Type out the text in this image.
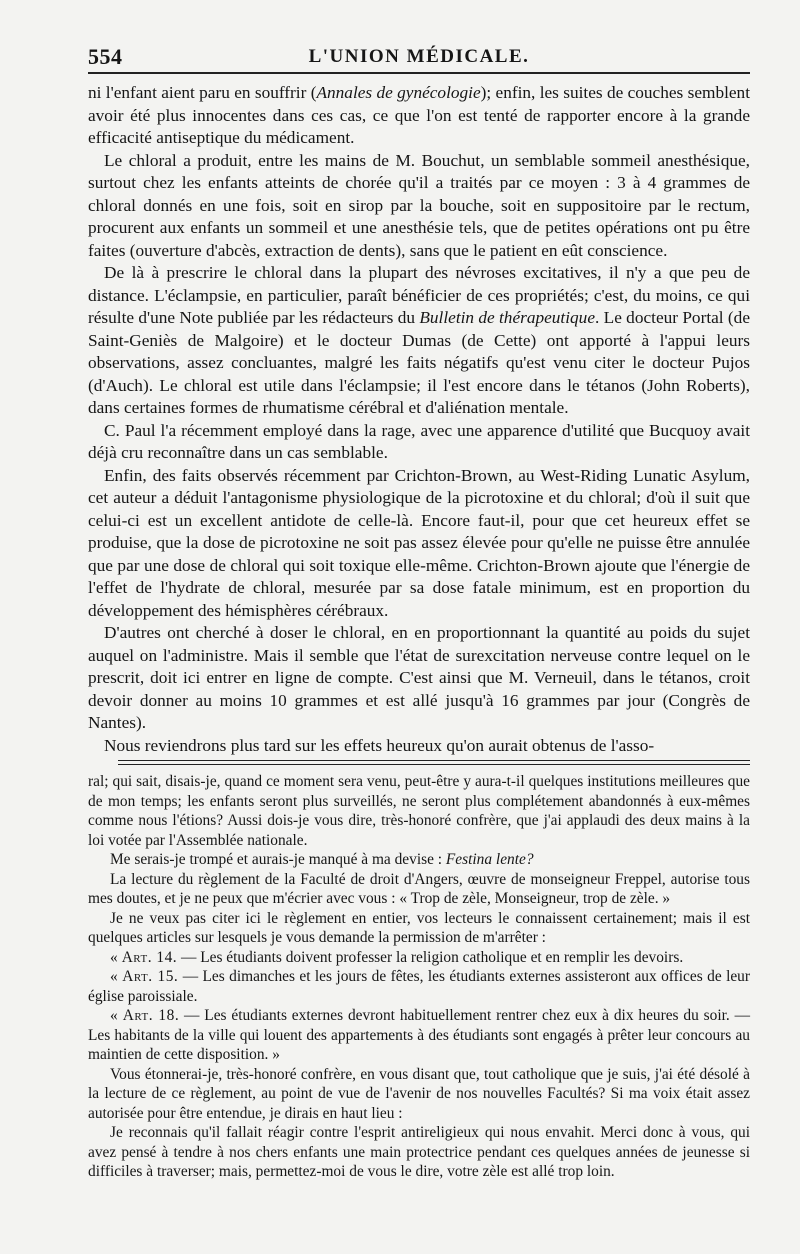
554	L'UNION MÉDICALE.

ni l'enfant aient paru en souffrir (Annales de gynécologie); enfin, les suites de couches semblent avoir été plus innocentes dans ces cas, ce que l'on est tenté de rapporter encore à la grande efficacité antiseptique du médicament.

Le chloral a produit, entre les mains de M. Bouchut, un semblable sommeil anesthésique, surtout chez les enfants atteints de chorée qu'il a traités par ce moyen : 3 à 4 grammes de chloral donnés en une fois, soit en sirop par la bouche, soit en suppositoire par le rectum, procurent aux enfants un sommeil et une anesthésie tels, que de petites opérations ont pu être faites (ouverture d'abcès, extraction de dents), sans que le patient en eût conscience.

De là à prescrire le chloral dans la plupart des névroses excitatives, il n'y a que peu de distance. L'éclampsie, en particulier, paraît bénéficier de ces propriétés; c'est, du moins, ce qui résulte d'une Note publiée par les rédacteurs du Bulletin de thérapeutique. Le docteur Portal (de Saint-Geniès de Malgoire) et le docteur Dumas (de Cette) ont apporté à l'appui leurs observations, assez concluantes, malgré les faits négatifs qu'est venu citer le docteur Pujos (d'Auch). Le chloral est utile dans l'éclampsie; il l'est encore dans le tétanos (John Roberts), dans certaines formes de rhumatisme cérébral et d'aliénation mentale.

C. Paul l'a récemment employé dans la rage, avec une apparence d'utilité que Bucquoy avait déjà cru reconnaître dans un cas semblable.

Enfin, des faits observés récemment par Crichton-Brown, au West-Riding Lunatic Asylum, cet auteur a déduit l'antagonisme physiologique de la picrotoxine et du chloral; d'où il suit que celui-ci est un excellent antidote de celle-là. Encore faut-il, pour que cet heureux effet se produise, que la dose de picrotoxine ne soit pas assez élevée pour qu'elle ne puisse être annulée que par une dose de chloral qui soit toxique elle-même. Crichton-Brown ajoute que l'énergie de l'effet de l'hydrate de chloral, mesurée par sa dose fatale minimum, est en proportion du développement des hémisphères cérébraux.

D'autres ont cherché à doser le chloral, en en proportionnant la quantité au poids du sujet auquel on l'administre. Mais il semble que l'état de surexcitation nerveuse contre lequel on le prescrit, doit ici entrer en ligne de compte. C'est ainsi que M. Verneuil, dans le tétanos, croit devoir donner au moins 10 grammes et est allé jusqu'à 16 grammes par jour (Congrès de Nantes).

Nous reviendrons plus tard sur les effets heureux qu'on aurait obtenus de l'asso-

ral; qui sait, disais-je, quand ce moment sera venu, peut-être y aura-t-il quelques institutions meilleures que de mon temps; les enfants seront plus surveillés, ne seront plus complétement abandonnés à eux-mêmes comme nous l'étions? Aussi dois-je vous dire, très-honoré confrère, que j'ai applaudi des deux mains à la loi votée par l'Assemblée nationale.

Me serais-je trompé et aurais-je manqué à ma devise : Festina lente?

La lecture du règlement de la Faculté de droit d'Angers, œuvre de monseigneur Freppel, autorise tous mes doutes, et je ne peux que m'écrier avec vous : « Trop de zèle, Monseigneur, trop de zèle. »

Je ne veux pas citer ici le règlement en entier, vos lecteurs le connaissent certainement; mais il est quelques articles sur lesquels je vous demande la permission de m'arrêter :

« Art. 14. — Les étudiants doivent professer la religion catholique et en remplir les devoirs.

« Art. 15. — Les dimanches et les jours de fêtes, les étudiants externes assisteront aux offices de leur église paroissiale.

« Art. 18. — Les étudiants externes devront habituellement rentrer chez eux à dix heures du soir. — Les habitants de la ville qui louent des appartements à des étudiants sont engagés à prêter leur concours au maintien de cette disposition. »

Vous étonnerai-je, très-honoré confrère, en vous disant que, tout catholique que je suis, j'ai été désolé à la lecture de ce règlement, au point de vue de l'avenir de nos nouvelles Facultés? Si ma voix était assez autorisée pour être entendue, je dirais en haut lieu :

Je reconnais qu'il fallait réagir contre l'esprit antireligieux qui nous envahit. Merci donc à vous, qui avez pensé à tendre à nos chers enfants une main protectrice pendant ces quelques années de jeunesse si difficiles à traverser; mais, permettez-moi de vous le dire, votre zèle est allé trop loin.
